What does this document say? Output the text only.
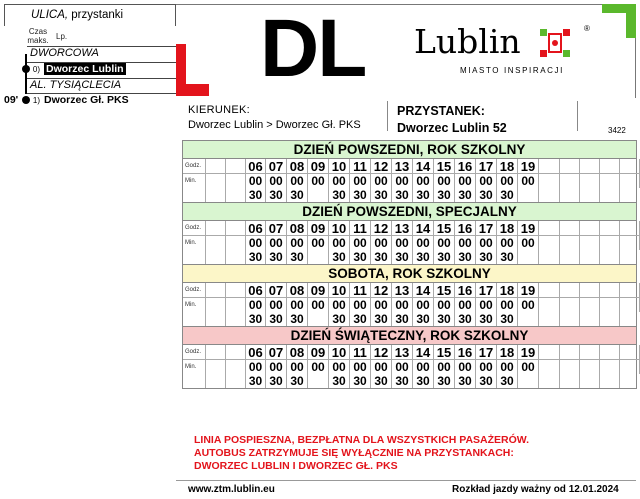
ULICA, przystanki
Czas
maks. Lp.
DWORCOWA
0) Dworzec Lublin
AL. TYSIĄCLECIA
09' 1) Dworzec Gł. PKS
DL Lublin	®
MIASTO INSPIRACJI
KIERUNEK:
Dworzec Lublin > Dworzec Gł. PKS
PRZYSTANEK:
Dworzec Lublin 52	3422
DZIEŃ POWSZEDNI, ROK SZKOLNY
Godz.	06 07 08 09 10 11 12 13 14 15 16 17 18 19
Min.	00 00 00 00 00 00 00 00 00 00 00 00 00 00
30 30 30	30 30 30 30 30 30 30 30 30
DZIEŃ POWSZEDNI, SPECJALNY
Godz.	06 07 08 09 10 11 12 13 14 15 16 17 18 19
Min.	00 00 00 00 00 00 00 00 00 00 00 00 00 00
30 30 30	30 30 30 30 30 30 30 30 30
SOBOTA, ROK SZKOLNY
Godz.	06 07 08 09 10 11 12 13 14 15 16 17 18 19
Min.	00 00 00 00 00 00 00 00 00 00 00 00 00 00
30 30 30	30 30 30 30 30 30 30 30 30
DZIEŃ ŚWIĄTECZNY, ROK SZKOLNY
Godz.	06 07 08 09 10 11 12 13 14 15 16 17 18 19
Min.	00 00 00 00 00 00 00 00 00 00 00 00 00 00
30 30 30	30 30 30 30 30 30 30 30 30
LINIA POSPIESZNA, BEZPŁATNA DLA WSZYSTKICH PASAŻERÓW.
AUTOBUS ZATRZYMUJE SIĘ WYŁĄCZNIE NA PRZYSTANKACH:
DWORZEC LUBLIN I DWORZEC GŁ. PKS
www.ztm.lublin.eu	Rozkład jazdy ważny od 12.01.2024
